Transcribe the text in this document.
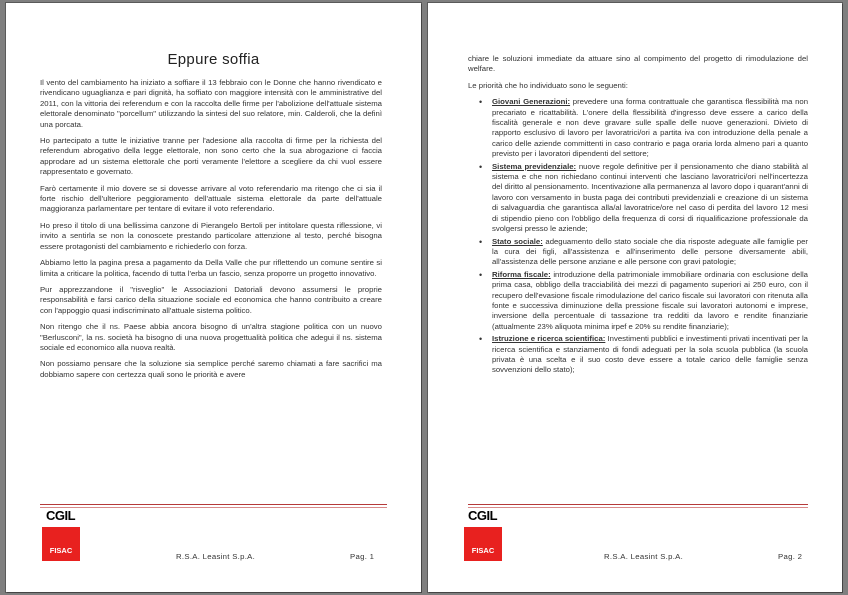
Eppure soffia

Il vento del cambiamento ha iniziato a soffiare il 13 febbraio con le Donne che hanno rivendicato e rivendicano uguaglianza e pari dignità, ha soffiato con maggiore intensità con le amministrative del 2011, con la vittoria dei referendum e con la raccolta delle firme per l'abolizione dell'attuale sistema elettorale denominato "porcellum" utilizzando la sintesi del suo relatore, min. Calderoli, che la definì una porcata.

Ho partecipato a tutte le iniziative tranne per l'adesione alla raccolta di firme per la richiesta del referendum abrogativo della legge elettorale, non sono certo che la sua abrogazione ci faccia approdare ad un sistema elettorale che porti veramente l'elettore a scegliere da chi vuol essere rappresentato e governato.

Farò certamente il mio dovere se si dovesse arrivare al voto referendario ma ritengo che ci sia il forte rischio dell'ulteriore peggioramento dell'attuale sistema elettorale da parte dell'attuale maggioranza parlamentare per tentare di evitare il voto referendario.

Ho preso il titolo di una bellissima canzone di Pierangelo Bertoli per intitolare questa riflessione, vi invito a sentirla se non la conoscete prestando particolare attenzione al testo, perché bisogna essere protagonisti del cambiamento e richiederlo con forza.

Abbiamo letto la pagina presa a pagamento da Della Valle che pur riflettendo un comune sentire si limita a criticare la politica, facendo di tutta l'erba un fascio, senza proporre un progetto innovativo.

Pur apprezzandone il "risveglio" le Associazioni Datoriali devono assumersi le proprie responsabilità e farsi carico della situazione sociale ed economica che hanno contribuito a creare con l'appoggio quasi indiscriminato all'attuale sistema politico.

Non ritengo che il ns. Paese abbia ancora bisogno di un'altra stagione politica con un nuovo "Berlusconi", la ns. società ha bisogno di una nuova progettualità politica che adegui il ns. sistema sociale ed economico alla nuova realtà.

Non possiamo pensare che la soluzione sia semplice perché saremo chiamati a fare sacrifici ma dobbiamo sapere con certezza quali sono le priorità e avere

CGIL
FISAC
R.S.A. Leasint S.p.A.	Pag. 1

chiare le soluzioni immediate da attuare sino al compimento del progetto di rimodulazione del welfare.

Le priorità che ho individuato sono le seguenti:

• Giovani Generazioni: prevedere una forma contrattuale che garantisca flessibilità ma non precariato e ricattabilità. L'onere della flessibilità d'ingresso deve essere a carico della fiscalità generale e non deve gravare sulle spalle delle nuove generazioni. Divieto di rapporto esclusivo di lavoro per lavoratrici/ori a partita iva con introduzione della penale a carico delle aziende committenti in caso contrario e paga oraria lorda almeno pari a quanto previsto per i lavoratori dipendenti del settore;
• Sistema previdenziale: nuove regole definitive per il pensionamento che diano stabilità al sistema e che non richiedano continui interventi che lasciano lavoratrici/ori nell'incertezza del diritto al pensionamento. Incentivazione alla permanenza al lavoro dopo i quarant'anni di lavoro con versamento in busta paga dei contributi previdenziali e creazione di un sistema di salvaguardia che garantisca alla/al lavoratrice/ore nel caso di perdita del lavoro 12 mesi di stipendio pieno con l'obbligo della frequenza di corsi di riqualificazione professionale da svolgersi presso le aziende;
• Stato sociale: adeguamento dello stato sociale che dia risposte adeguate alle famiglie per la cura dei figli, all'assistenza e all'inserimento delle persone diversamente abili, all'assistenza delle persone anziane e alle persone con gravi patologie;
• Riforma fiscale: introduzione della patrimoniale immobiliare ordinaria con esclusione della prima casa, obbligo della tracciabilità dei mezzi di pagamento superiori ai 250 euro, con il recupero dell'evasione fiscale rimodulazione del carico fiscale sui lavoratori con ritenuta alla fonte e successiva diminuzione della pressione fiscale sui lavoratori autonomi e imprese, inversione della percentuale di tassazione tra redditi da lavoro e rendite finanziarie (attualmente 23% aliquota minima irpef e 20% su rendite finanziarie);
• Istruzione e ricerca scientifica: Investimenti pubblici e investimenti privati incentivati per la ricerca scientifica e stanziamento di fondi adeguati per la sola scuola pubblica (la scuola privata è una scelta e il suo costo deve essere a totale carico delle famiglie senza sovvenzioni dello stato);
CGIL
FISAC
R.S.A. Leasint S.p.A.	Pag. 2
